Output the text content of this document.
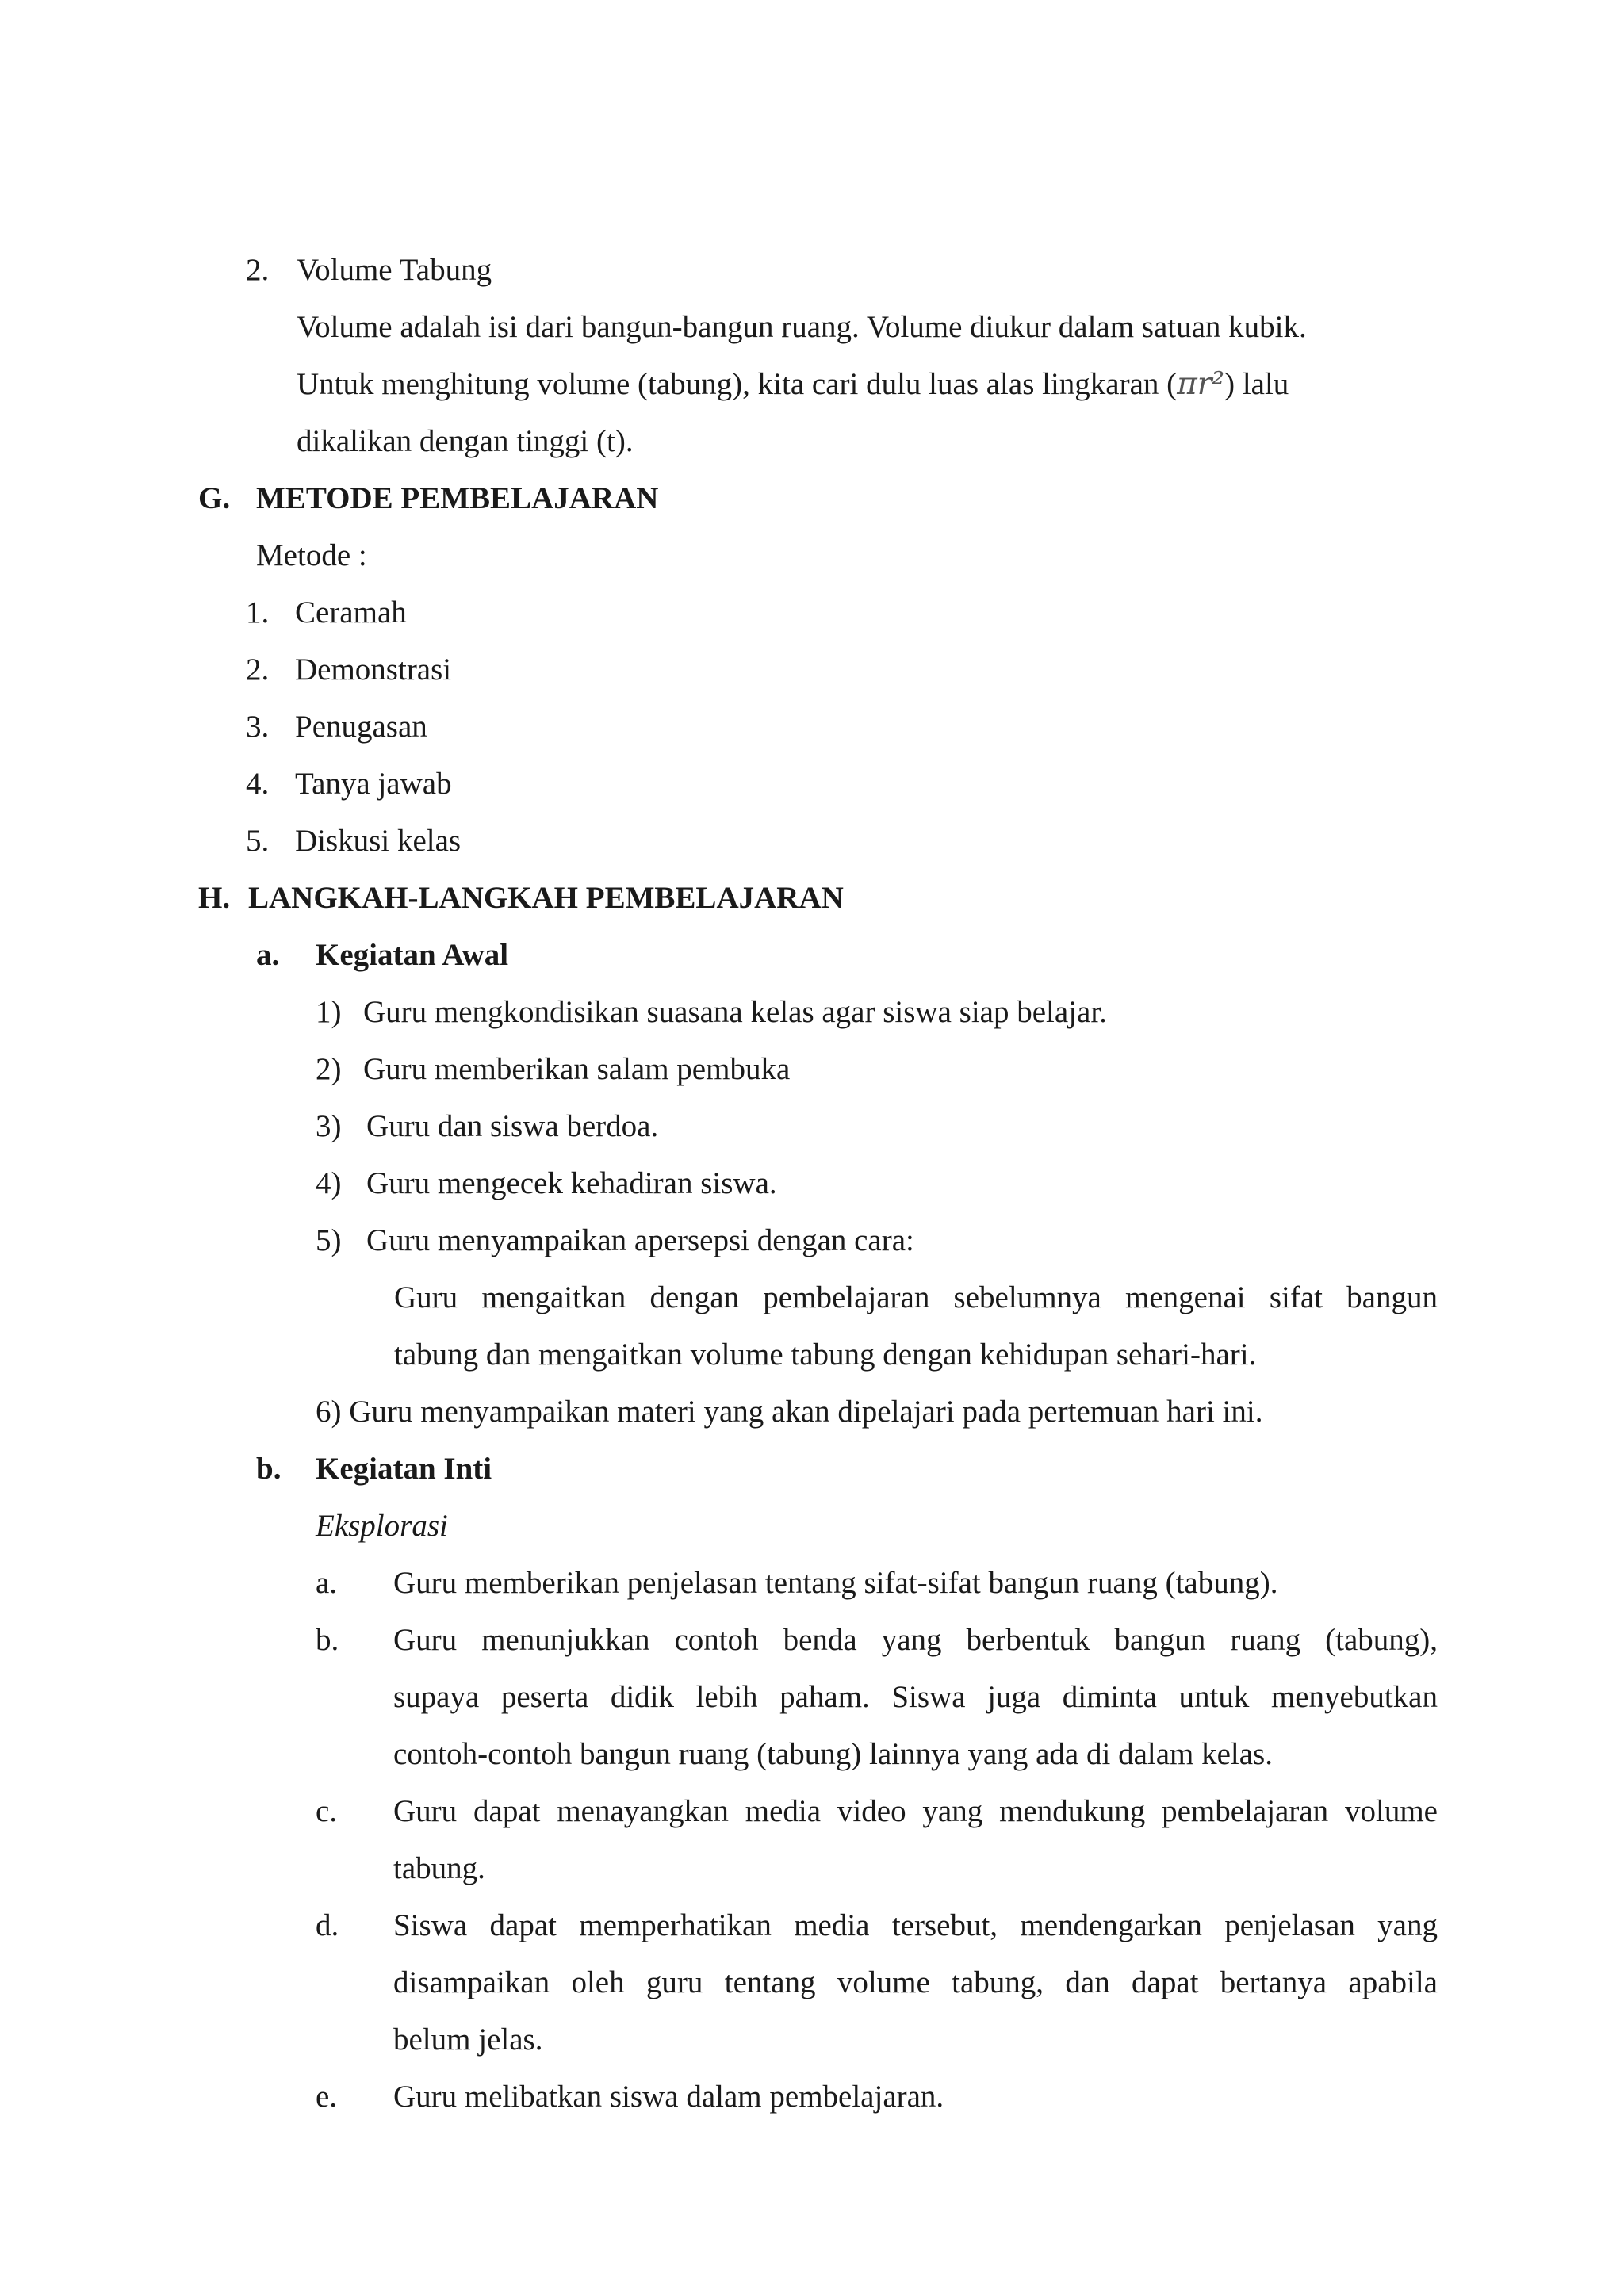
2. Volume Tabung
Volume adalah isi dari bangun-bangun ruang. Volume diukur dalam satuan kubik.
Untuk menghitung volume (tabung), kita cari dulu luas alas lingkaran (πr²) lalu
dikalikan dengan tinggi (t).
G. METODE PEMBELAJARAN
Metode :
1. Ceramah
2. Demonstrasi
3. Penugasan
4. Tanya jawab
5. Diskusi kelas
H. LANGKAH-LANGKAH PEMBELAJARAN
a. Kegiatan Awal
1) Guru mengkondisikan suasana kelas agar siswa siap belajar.
2) Guru memberikan salam pembuka
3) Guru dan siswa berdoa.
4) Guru mengecek kehadiran siswa.
5) Guru menyampaikan apersepsi dengan cara:
Guru mengaitkan dengan pembelajaran sebelumnya mengenai sifat bangun
tabung dan mengaitkan volume tabung dengan kehidupan sehari-hari.
6) Guru menyampaikan materi yang akan dipelajari pada pertemuan hari ini.
b. Kegiatan Inti
Eksplorasi
a. Guru memberikan penjelasan tentang sifat-sifat bangun ruang (tabung).
b. Guru menunjukkan contoh benda yang berbentuk bangun ruang (tabung),
supaya peserta didik lebih paham. Siswa juga diminta untuk menyebutkan
contoh-contoh bangun ruang (tabung) lainnya yang ada di dalam kelas.
c. Guru dapat menayangkan media video yang mendukung pembelajaran volume
tabung.
d. Siswa dapat memperhatikan media tersebut, mendengarkan penjelasan yang
disampaikan oleh guru tentang volume tabung, dan dapat bertanya apabila
belum jelas.
e. Guru melibatkan siswa dalam pembelajaran.
